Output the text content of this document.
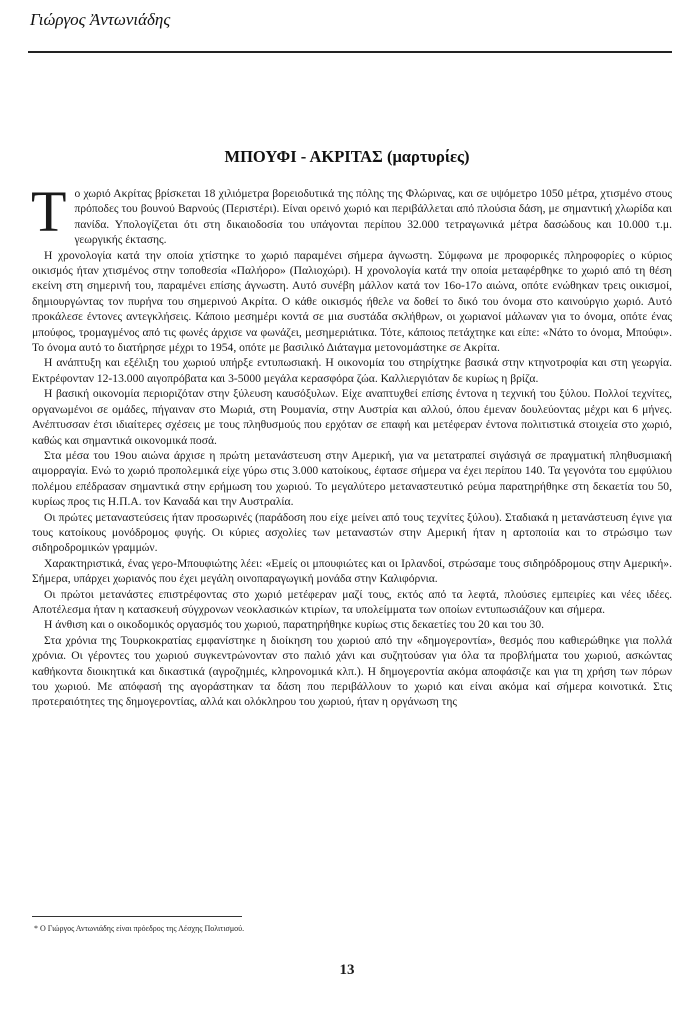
Γιώργος Ἀντωνιάδης
ΜΠΟΥΦΙ - ΑΚΡΙΤΑΣ (μαρτυρίες)

Το χωριό Ακρίτας βρίσκεται 18 χιλιόμετρα βορειοδυτικά της πόλης της Φλώρινας, και σε υψόμετρο 1050 μέτρα, χτισμένο στους πρόποδες του βουνού Βαρνούς (Περιστέρι). Είναι ορεινό χωριό και περιβάλλεται από πλούσια δάση, με σημαντική χλωρίδα και πανίδα. Υπολογίζεται ότι στη δικαιοδοσία του υπάγονται περίπου 32.000 τετραγωνικά μέτρα δασώδους και 10.000 τ.μ. γεωργικής έκτασης.

Η χρονολογία κατά την οποία χτίστηκε το χωριό παραμένει σήμερα άγνωστη. Σύμφωνα με προφορικές πληροφορίες ο κύριος οικισμός ήταν χτισμένος στην τοποθεσία «Παλήορο» (Παλιοχώρι). Η χρονολογία κατά την οποία μεταφέρθηκε το χωριό από τη θέση εκείνη στη σημερινή του, παραμένει επίσης άγνωστη. Αυτό συνέβη μάλλον κατά τον 16ο-17ο αιώνα, οπότε ενώθηκαν τρεις οικισμοί, δημιουργώντας τον πυρήνα του σημερινού Ακρίτα. Ο κάθε οικισμός ήθελε να δοθεί το δικό του όνομα στο καινούργιο χωριό. Αυτό προκάλεσε έντονες αντεγκλήσεις. Κάποιο μεσημέρι κοντά σε μια συστάδα σκλήθρων, οι χωριανοί μάλωναν για το όνομα, οπότε ένας μπούφος, τρομαγμένος από τις φωνές άρχισε να φωνάζει, μεσημεριάτικα. Τότε, κάποιος πετάχτηκε και είπε: «Νάτο το όνομα, Μπούφι». Το όνομα αυτό το διατήρησε μέχρι το 1954, οπότε με βασιλικό Διάταγμα μετονομάστηκε σε Ακρίτα.

Η ανάπτυξη και εξέλιξη του χωριού υπήρξε εντυπωσιακή. Η οικονομία του στηρίχτηκε βασικά στην κτηνοτροφία και στη γεωργία. Εκτρέφονταν 12-13.000 αιγοπρόβατα και 3-5000 μεγάλα κερασφόρα ζώα. Καλλιεργιόταν δε κυρίως η βρίζα.

Η βασική οικονομία περιοριζόταν στην ξύλευση καυσόξυλων. Είχε αναπτυχθεί επίσης έντονα η τεχνική του ξύλου. Πολλοί τεχνίτες, οργανωμένοι σε ομάδες, πήγαιναν στο Μωριά, στη Ρουμανία, στην Αυστρία και αλλού, όπου έμεναν δουλεύοντας μέχρι και 6 μήνες. Ανέπτυσσαν έτσι ιδιαίτερες σχέσεις με τους πληθυσμούς που ερχόταν σε επαφή και μετέφεραν έντονα πολιτιστικά στοιχεία στο χωριό, καθώς και σημαντικά οικονομικά ποσά.

Στα μέσα του 19ου αιώνα άρχισε η πρώτη μετανάστευση στην Αμερική, για να μετατραπεί σιγάσιγά σε πραγματική πληθυσμιακή αιμορραγία. Ενώ το χωριό προπολεμικά είχε γύρω στις 3.000 κατοίκους, έφτασε σήμερα να έχει περίπου 140. Τα γεγονότα του εμφύλιου πολέμου επέδρασαν σημαντικά στην ερήμωση του χωριού. Το μεγαλύτερο μεταναστευτικό ρεύμα παρατηρήθηκε στη δεκαετία του 50, κυρίως προς τις Η.Π.Α. τον Καναδά και την Αυστραλία.

Οι πρώτες μεταναστεύσεις ήταν προσωρινές (παράδοση που είχε μείνει από τους τεχνίτες ξύλου). Σταδιακά η μετανάστευση έγινε για τους κατοίκους μονόδρομος φυγής. Οι κύριες ασχολίες των μεταναστών στην Αμερική ήταν η αρτοποιία και το στρώσιμο των σιδηροδρομικών γραμμών.

Χαρακτηριστικά, ένας γερο-Μπουφιώτης λέει: «Εμείς οι μπουφιώτες και οι Ιρλανδοί, στρώσαμε τους σιδηρόδρομους στην Αμερική». Σήμερα, υπάρχει χωριανός που έχει μεγάλη οινοπαραγωγική μονάδα στην Καλιφόρνια.

Οι πρώτοι μετανάστες επιστρέφοντας στο χωριό μετέφεραν μαζί τους, εκτός από τα λεφτά, πλούσιες εμπειρίες και νέες ιδέες. Αποτέλεσμα ήταν η κατασκευή σύγχρονων νεοκλασικών κτιρίων, τα υπολείμματα των οποίων εντυπωσιάζουν και σήμερα.

Η άνθιση και ο οικοδομικός οργασμός του χωριού, παρατηρήθηκε κυρίως στις δεκαετίες του 20 και του 30.

Στα χρόνια της Τουρκοκρατίας εμφανίστηκε η διοίκηση του χωριού από την «δημογεροντία», θεσμός που καθιερώθηκε για πολλά χρόνια. Οι γέροντες του χωριού συγκεντρώνονταν στο παλιό χάνι και συζητούσαν για όλα τα προβλήματα του χωριού, ασκώντας καθήκοντα διοικητικά και δικαστικά (αγροζημιές, κληρονομικά κλπ.). Η δημογεροντία ακόμα αποφάσιζε και για τη χρήση των πόρων του χωριού. Με απόφασή της αγοράστηκαν τα δάση που περιβάλλουν το χωριό και είναι ακόμα καί σήμερα κοινοτικά. Στις προτεραιότητες της δημογεροντίας, αλλά και ολόκληρου του χωριού, ήταν η οργάνωση της

* Ο Γιώργος Αντωνιάδης είναι πρόεδρος της Λέσχης Πολιτισμού.
13
